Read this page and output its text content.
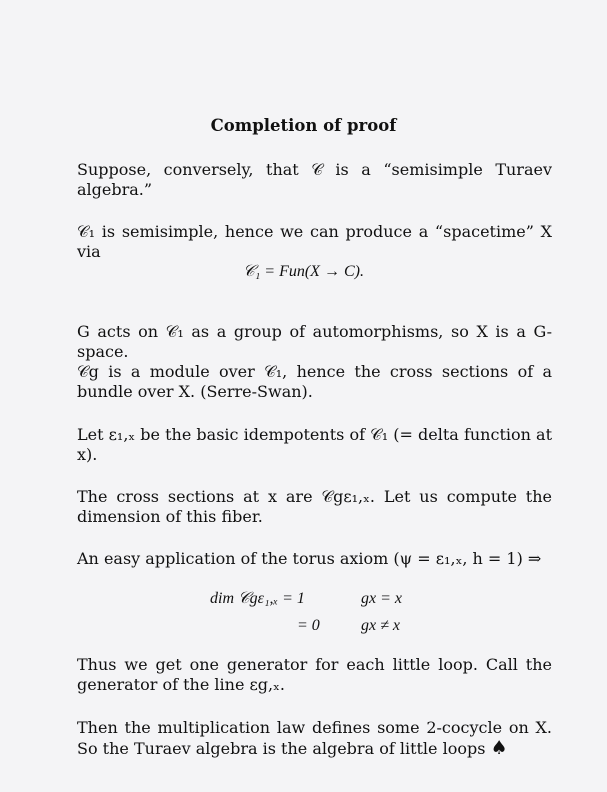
Completion of proof
Suppose, conversely, that 𝒞 is a “semisimple Turaev algebra.”
𝒞₁ is semisimple, hence we can produce a “spacetime” X via
𝒞₁ = Fun(X → C).
G acts on 𝒞₁ as a group of automorphisms, so X is a G-space.
𝒞g is a module over 𝒞₁, hence the cross sections of a bundle over X. (Serre-Swan).
Let ε₁,ₓ be the basic idempotents of 𝒞₁ (= delta function at x).
The cross sections at x are 𝒞gε₁,ₓ. Let us compute the dimension of this fiber.
An easy application of the torus axiom (ψ = ε₁,ₓ, h = 1) ⇒
dim 𝒞gε₁,ₓ = 1	gx = x
= 0	gx ≠ x
Thus we get one generator for each little loop. Call the generator of the line εg,ₓ.
Then the multiplication law defines some 2-cocycle on X. So the Turaev algebra is the algebra of little loops ♠
